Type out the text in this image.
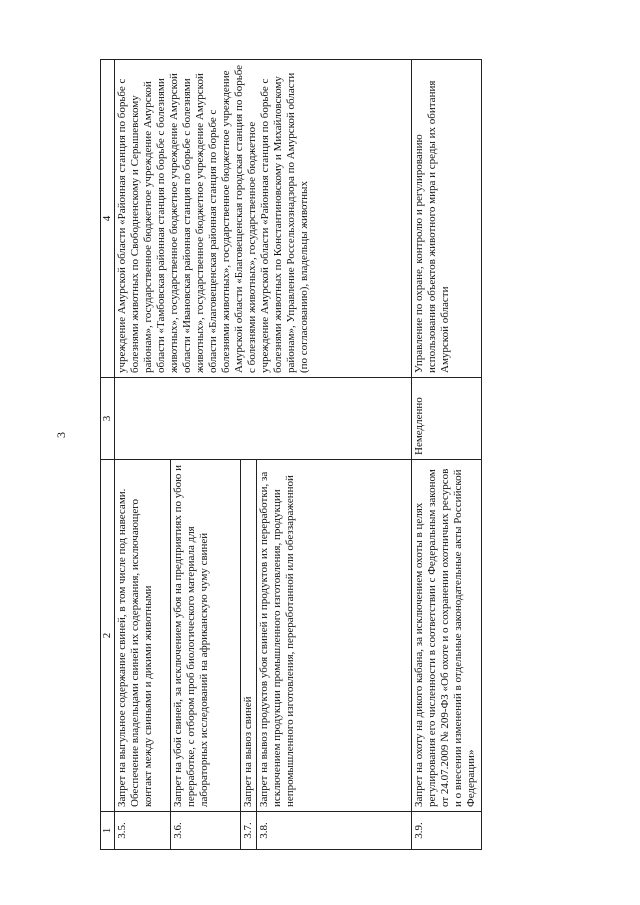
3
1	2	3	4
3.5.	Запрет на выгульное содержание свиней, в том числе под навесами. Обеспечение владельцами свиней их содержания, исключающего контакт между свиньями и дикими животными		учреждение Амурской области «Районная станция по борьбе с болезнями животных по Свободненскому и Серышевскому районам», государственное бюджетное учреждение Амурской области «Тамбовская районная станция по борьбе с болезнями животных», государственное бюджетное учреждение Амурской области «Ивановская районная станция по борьбе с болезнями животных», государственное бюджетное учреждение Амурской области «Благовещенская районная станция по борьбе с болезнями животных», государственное бюджетное учреждение Амурской области «Благовещенская городская станция по борьбе с болезнями животных», государственное бюджетное учреждение Амурской области «Районная станция по борьбе с болезнями животных по Константиновскому и Михайловскому районам», Управление Россельхознадзора по Амурской области (по согласованию), владельцы животных
3.6.	Запрет на убой свиней, за исключением убоя на предприятиях по убою и переработке, с отбором проб биологического материала для лабораторных исследований на африканскую чуму свиней		
3.7.	Запрет на вывоз свиней		
3.8.	Запрет на вывоз продуктов убоя свиней и продуктов их переработки, за исключением продукции промышленного изготовления, продукции непромышленного изготовления, переработанной или обеззараженной		
3.9.	Запрет на охоту на дикого кабана, за исключением охоты в целях регулирования его численности в соответствии с Федеральным законом от 24.07.2009 № 209-ФЗ «Об охоте и о сохранении охотничьих ресурсов и о внесении изменений в отдельные законодательные акты Российской Федерации»	Немедленно	Управление по охране, контролю и регулированию использования объектов животного мира и среды их обитания Амурской области
